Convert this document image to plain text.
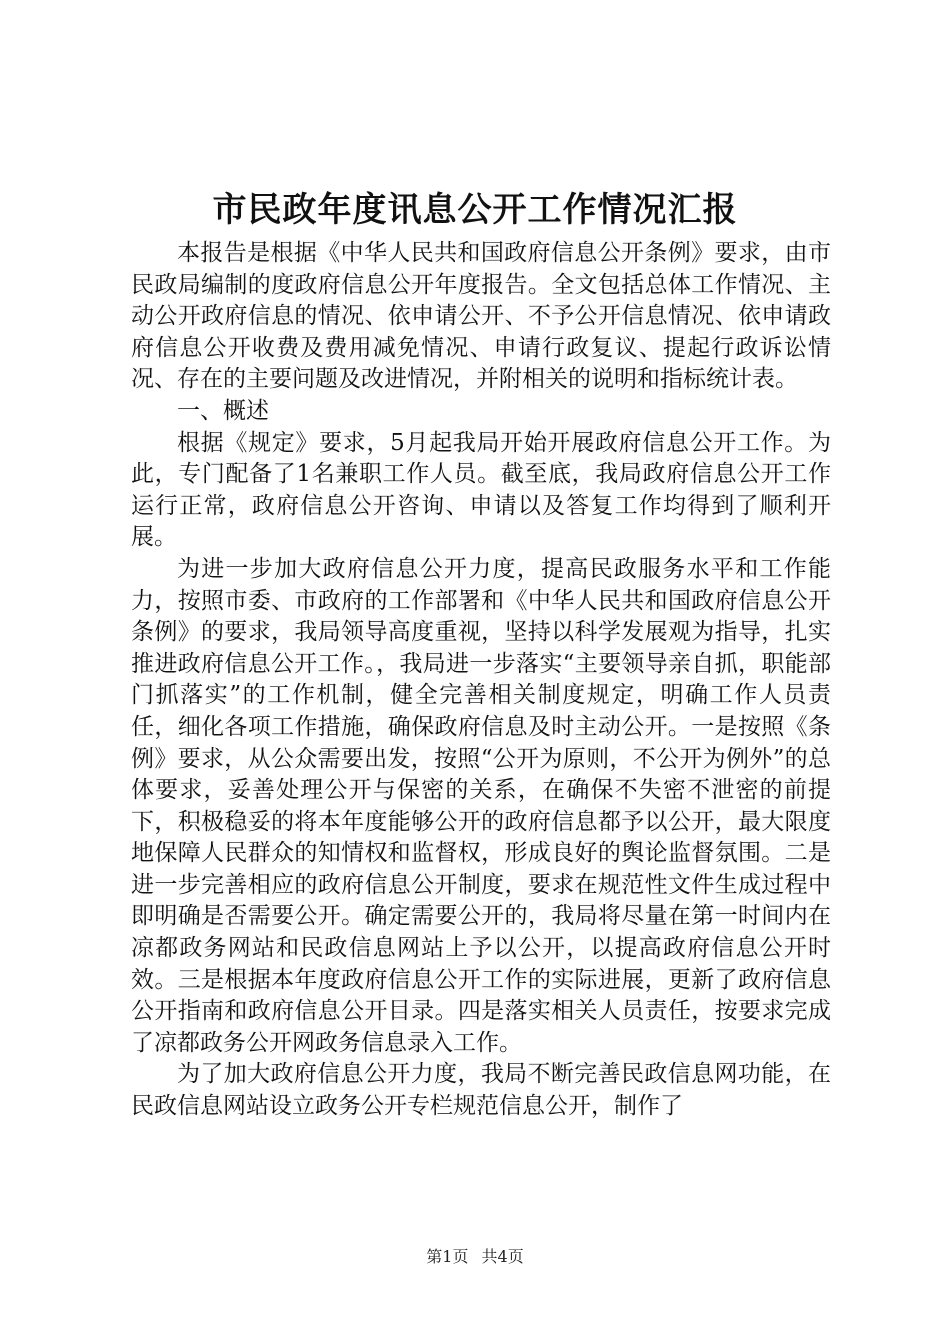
市民政年度讯息公开工作情况汇报

本报告是根据《中华人民共和国政府信息公开条例》要求，由市民政局编制的度政府信息公开年度报告。全文包括总体工作情况、主动公开政府信息的情况、依申请公开、不予公开信息情况、依申请政府信息公开收费及费用减免情况、申请行政复议、提起行政诉讼情况、存在的主要问题及改进情况，并附相关的说明和指标统计表。

一、概述

根据《规定》要求，5月起我局开始开展政府信息公开工作。为此，专门配备了1名兼职工作人员。截至底，我局政府信息公开工作运行正常，政府信息公开咨询、申请以及答复工作均得到了顺利开展。

为进一步加大政府信息公开力度，提高民政服务水平和工作能力，按照市委、市政府的工作部署和《中华人民共和国政府信息公开条例》的要求，我局领导高度重视，坚持以科学发展观为指导，扎实推进政府信息公开工作。，我局进一步落实“主要领导亲自抓，职能部门抓落实”的工作机制，健全完善相关制度规定，明确工作人员责任，细化各项工作措施，确保政府信息及时主动公开。一是按照《条例》要求，从公众需要出发，按照“公开为原则，不公开为例外”的总体要求，妥善处理公开与保密的关系，在确保不失密不泄密的前提下，积极稳妥的将本年度能够公开的政府信息都予以公开，最大限度地保障人民群众的知情权和监督权，形成良好的舆论监督氛围。二是进一步完善相应的政府信息公开制度，要求在规范性文件生成过程中即明确是否需要公开。确定需要公开的，我局将尽量在第一时间内在凉都政务网站和民政信息网站上予以公开，以提高政府信息公开时效。三是根据本年度政府信息公开工作的实际进展，更新了政府信息公开指南和政府信息公开目录。四是落实相关人员责任，按要求完成了凉都政务公开网政务信息录入工作。

为了加大政府信息公开力度，我局不断完善民政信息网功能，在民政信息网站设立政务公开专栏规范信息公开，制作了

第1页 共4页
